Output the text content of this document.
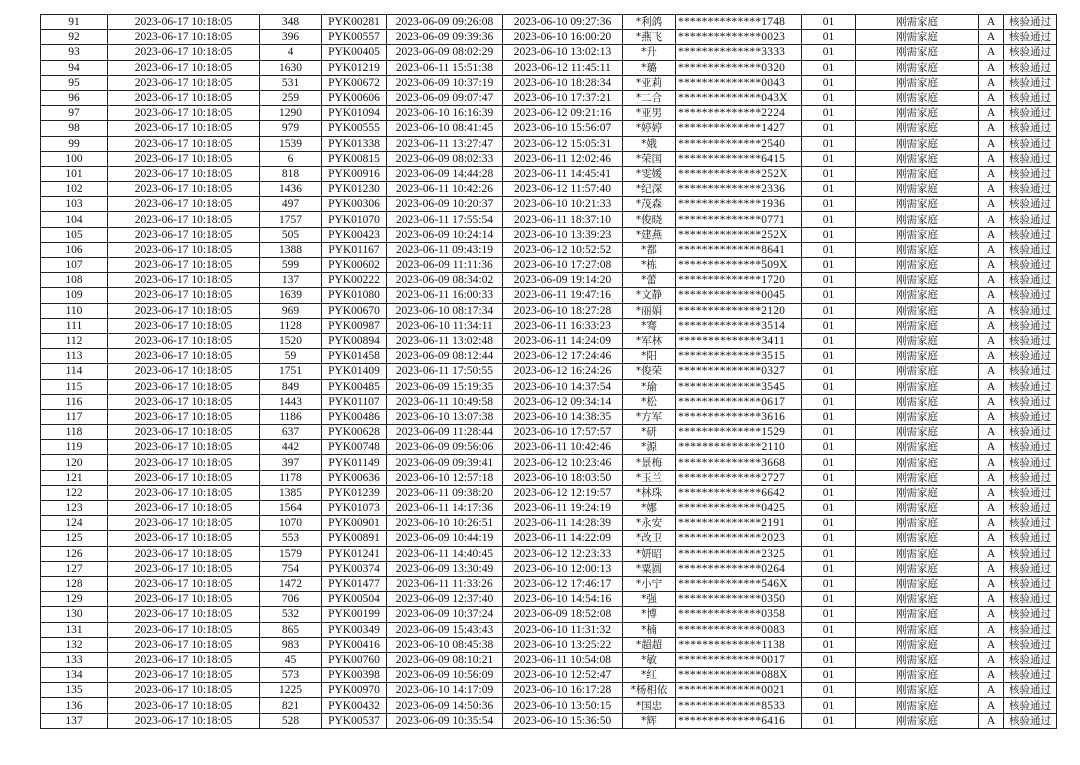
91	2023-06-17 10:18:05	348	PYK00281	2023-06-09 09:26:08	2023-06-10 09:27:36	*利鸽	**************1748	01	刚需家庭	A	核验通过
92	2023-06-17 10:18:05	396	PYK00557	2023-06-09 09:39:36	2023-06-10 16:00:20	*燕飞	**************0023	01	刚需家庭	A	核验通过
93	2023-06-17 10:18:05	4	PYK00405	2023-06-09 08:02:29	2023-06-10 13:02:13	*升	**************3333	01	刚需家庭	A	核验通过
94	2023-06-17 10:18:05	1630	PYK01219	2023-06-11 15:51:38	2023-06-12 11:45:11	*璐	**************0320	01	刚需家庭	A	核验通过
95	2023-06-17 10:18:05	531	PYK00672	2023-06-09 10:37:19	2023-06-10 18:28:34	*亚莉	**************0043	01	刚需家庭	A	核验通过
96	2023-06-17 10:18:05	259	PYK00606	2023-06-09 09:07:47	2023-06-10 17:37:21	*二合	**************043X	01	刚需家庭	A	核验通过
97	2023-06-17 10:18:05	1290	PYK01094	2023-06-10 16:16:39	2023-06-12 09:21:16	*亚男	**************2224	01	刚需家庭	A	核验通过
98	2023-06-17 10:18:05	979	PYK00555	2023-06-10 08:41:45	2023-06-10 15:56:07	*婷婷	**************1427	01	刚需家庭	A	核验通过
99	2023-06-17 10:18:05	1539	PYK01338	2023-06-11 13:27:47	2023-06-12 15:05:31	*娥	**************2540	01	刚需家庭	A	核验通过
100	2023-06-17 10:18:05	6	PYK00815	2023-06-09 08:02:33	2023-06-11 12:02:46	*荣国	**************6415	01	刚需家庭	A	核验通过
101	2023-06-17 10:18:05	818	PYK00916	2023-06-09 14:44:28	2023-06-11 14:45:41	*雯媛	**************252X	01	刚需家庭	A	核验通过
102	2023-06-17 10:18:05	1436	PYK01230	2023-06-11 10:42:26	2023-06-12 11:57:40	*纪深	**************2336	01	刚需家庭	A	核验通过
103	2023-06-17 10:18:05	497	PYK00306	2023-06-09 10:20:37	2023-06-10 10:21:33	*茂森	**************1936	01	刚需家庭	A	核验通过
104	2023-06-17 10:18:05	1757	PYK01070	2023-06-11 17:55:54	2023-06-11 18:37:10	*俊晓	**************0771	01	刚需家庭	A	核验通过
105	2023-06-17 10:18:05	505	PYK00423	2023-06-09 10:24:14	2023-06-10 13:39:23	*建燕	**************252X	01	刚需家庭	A	核验通过
106	2023-06-17 10:18:05	1388	PYK01167	2023-06-11 09:43:19	2023-06-12 10:52:52	*都	**************8641	01	刚需家庭	A	核验通过
107	2023-06-17 10:18:05	599	PYK00602	2023-06-09 11:11:36	2023-06-10 17:27:08	*栋	**************509X	01	刚需家庭	A	核验通过
108	2023-06-17 10:18:05	137	PYK00222	2023-06-09 08:34:02	2023-06-09 19:14:20	*蕾	**************1720	01	刚需家庭	A	核验通过
109	2023-06-17 10:18:05	1639	PYK01080	2023-06-11 16:00:33	2023-06-11 19:47:16	*文静	**************0045	01	刚需家庭	A	核验通过
110	2023-06-17 10:18:05	969	PYK00670	2023-06-10 08:17:34	2023-06-10 18:27:28	*丽娟	**************2120	01	刚需家庭	A	核验通过
111	2023-06-17 10:18:05	1128	PYK00987	2023-06-10 11:34:11	2023-06-11 16:33:23	*骞	**************3514	01	刚需家庭	A	核验通过
112	2023-06-17 10:18:05	1520	PYK00894	2023-06-11 13:02:48	2023-06-11 14:24:09	*军林	**************3411	01	刚需家庭	A	核验通过
113	2023-06-17 10:18:05	59	PYK01458	2023-06-09 08:12:44	2023-06-12 17:24:46	*阳	**************3515	01	刚需家庭	A	核验通过
114	2023-06-17 10:18:05	1751	PYK01409	2023-06-11 17:50:55	2023-06-12 16:24:26	*俊荣	**************0327	01	刚需家庭	A	核验通过
115	2023-06-17 10:18:05	849	PYK00485	2023-06-09 15:19:35	2023-06-10 14:37:54	*瑜	**************3545	01	刚需家庭	A	核验通过
116	2023-06-17 10:18:05	1443	PYK01107	2023-06-11 10:49:58	2023-06-12 09:34:14	*松	**************0617	01	刚需家庭	A	核验通过
117	2023-06-17 10:18:05	1186	PYK00486	2023-06-10 13:07:38	2023-06-10 14:38:35	*方军	**************3616	01	刚需家庭	A	核验通过
118	2023-06-17 10:18:05	637	PYK00628	2023-06-09 11:28:44	2023-06-10 17:57:57	*研	**************1529	01	刚需家庭	A	核验通过
119	2023-06-17 10:18:05	442	PYK00748	2023-06-09 09:56:06	2023-06-11 10:42:46	*源	**************2110	01	刚需家庭	A	核验通过
120	2023-06-17 10:18:05	397	PYK01149	2023-06-09 09:39:41	2023-06-12 10:23:46	*景梅	**************3668	01	刚需家庭	A	核验通过
121	2023-06-17 10:18:05	1178	PYK00636	2023-06-10 12:57:18	2023-06-10 18:03:50	*玉兰	**************2727	01	刚需家庭	A	核验通过
122	2023-06-17 10:18:05	1385	PYK01239	2023-06-11 09:38:20	2023-06-12 12:19:57	*林珠	**************6642	01	刚需家庭	A	核验通过
123	2023-06-17 10:18:05	1564	PYK01073	2023-06-11 14:17:36	2023-06-11 19:24:19	*娜	**************0425	01	刚需家庭	A	核验通过
124	2023-06-17 10:18:05	1070	PYK00901	2023-06-10 10:26:51	2023-06-11 14:28:39	*永安	**************2191	01	刚需家庭	A	核验通过
125	2023-06-17 10:18:05	553	PYK00891	2023-06-09 10:44:19	2023-06-11 14:22:09	*改卫	**************2023	01	刚需家庭	A	核验通过
126	2023-06-17 10:18:05	1579	PYK01241	2023-06-11 14:40:45	2023-06-12 12:23:33	*妍昭	**************2325	01	刚需家庭	A	核验通过
127	2023-06-17 10:18:05	754	PYK00374	2023-06-09 13:30:49	2023-06-10 12:00:13	*粟圆	**************0264	01	刚需家庭	A	核验通过
128	2023-06-17 10:18:05	1472	PYK01477	2023-06-11 11:33:26	2023-06-12 17:46:17	*小宁	**************546X	01	刚需家庭	A	核验通过
129	2023-06-17 10:18:05	706	PYK00504	2023-06-09 12:37:40	2023-06-10 14:54:16	*强	**************0350	01	刚需家庭	A	核验通过
130	2023-06-17 10:18:05	532	PYK00199	2023-06-09 10:37:24	2023-06-09 18:52:08	*博	**************0358	01	刚需家庭	A	核验通过
131	2023-06-17 10:18:05	865	PYK00349	2023-06-09 15:43:43	2023-06-10 11:31:32	*楠	**************0083	01	刚需家庭	A	核验通过
132	2023-06-17 10:18:05	983	PYK00416	2023-06-10 08:45:38	2023-06-10 13:25:22	*超超	**************1138	01	刚需家庭	A	核验通过
133	2023-06-17 10:18:05	45	PYK00760	2023-06-09 08:10:21	2023-06-11 10:54:08	*敏	**************0017	01	刚需家庭	A	核验通过
134	2023-06-17 10:18:05	573	PYK00398	2023-06-09 10:56:09	2023-06-10 12:52:47	*红	**************088X	01	刚需家庭	A	核验通过
135	2023-06-17 10:18:05	1225	PYK00970	2023-06-10 14:17:09	2023-06-10 16:17:28	*杨相依	**************0021	01	刚需家庭	A	核验通过
136	2023-06-17 10:18:05	821	PYK00432	2023-06-09 14:50:36	2023-06-10 13:50:15	*国忠	**************8533	01	刚需家庭	A	核验通过
137	2023-06-17 10:18:05	528	PYK00537	2023-06-09 10:35:54	2023-06-10 15:36:50	*辉	**************6416	01	刚需家庭	A	核验通过
